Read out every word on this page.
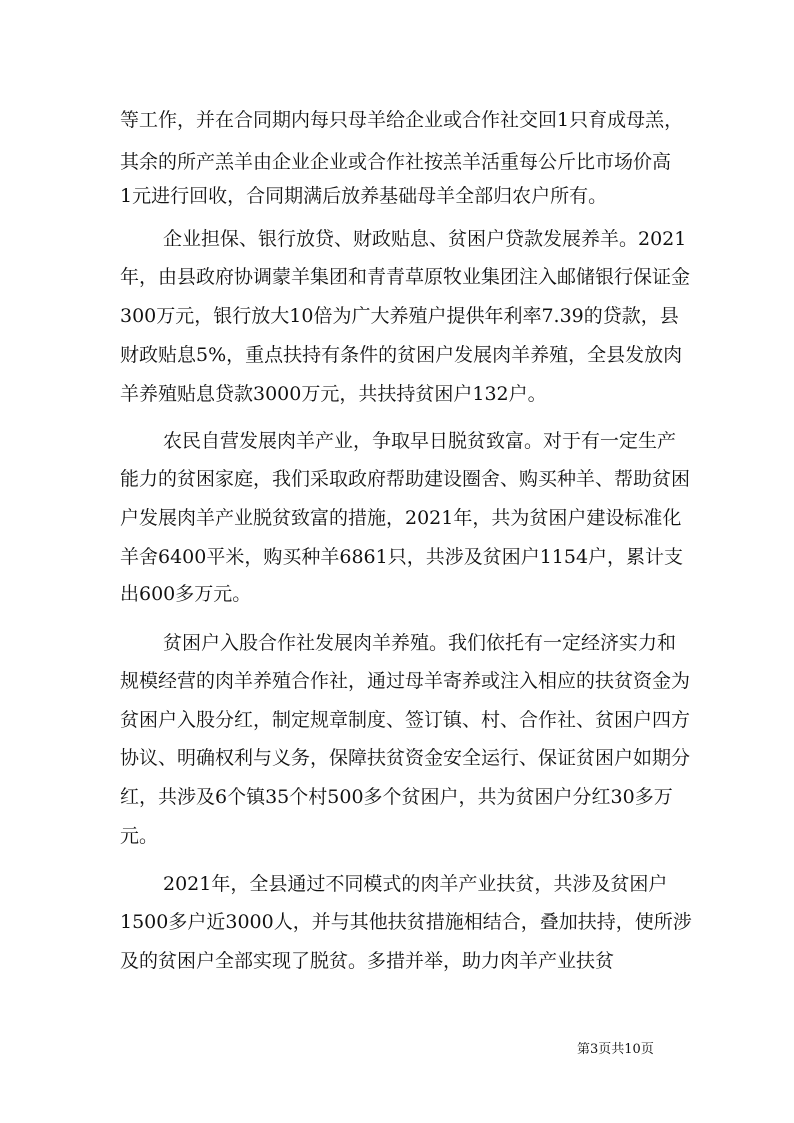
等工作，并在合同期内每只母羊给企业或合作社交回1只育成母羔，
其余的所产羔羊由企业企业或合作社按羔羊活重每公斤比市场价高
1元进行回收，合同期满后放养基础母羊全部归农户所有。
企业担保、银行放贷、财政贴息、贫困户贷款发展养羊。2021
年，由县政府协调蒙羊集团和青青草原牧业集团注入邮储银行保证金
300万元，银行放大10倍为广大养殖户提供年利率7.39的贷款，县
财政贴息5%，重点扶持有条件的贫困户发展肉羊养殖，全县发放肉
羊养殖贴息贷款3000万元，共扶持贫困户132户。
农民自营发展肉羊产业，争取早日脱贫致富。对于有一定生产
能力的贫困家庭，我们采取政府帮助建设圈舍、购买种羊、帮助贫困
户发展肉羊产业脱贫致富的措施，2021年，共为贫困户建设标准化
羊舍6400平米，购买种羊6861只，共涉及贫困户1154户，累计支
出600多万元。
贫困户入股合作社发展肉羊养殖。我们依托有一定经济实力和
规模经营的肉羊养殖合作社，通过母羊寄养或注入相应的扶贫资金为
贫困户入股分红，制定规章制度、签订镇、村、合作社、贫困户四方
协议、明确权利与义务，保障扶贫资金安全运行、保证贫困户如期分
红，共涉及6个镇35个村500多个贫困户，共为贫困户分红30多万
元。
2021年，全县通过不同模式的肉羊产业扶贫，共涉及贫困户
1500多户近3000人，并与其他扶贫措施相结合，叠加扶持，使所涉
及的贫困户全部实现了脱贫。多措并举，助力肉羊产业扶贫
第3页共10页
